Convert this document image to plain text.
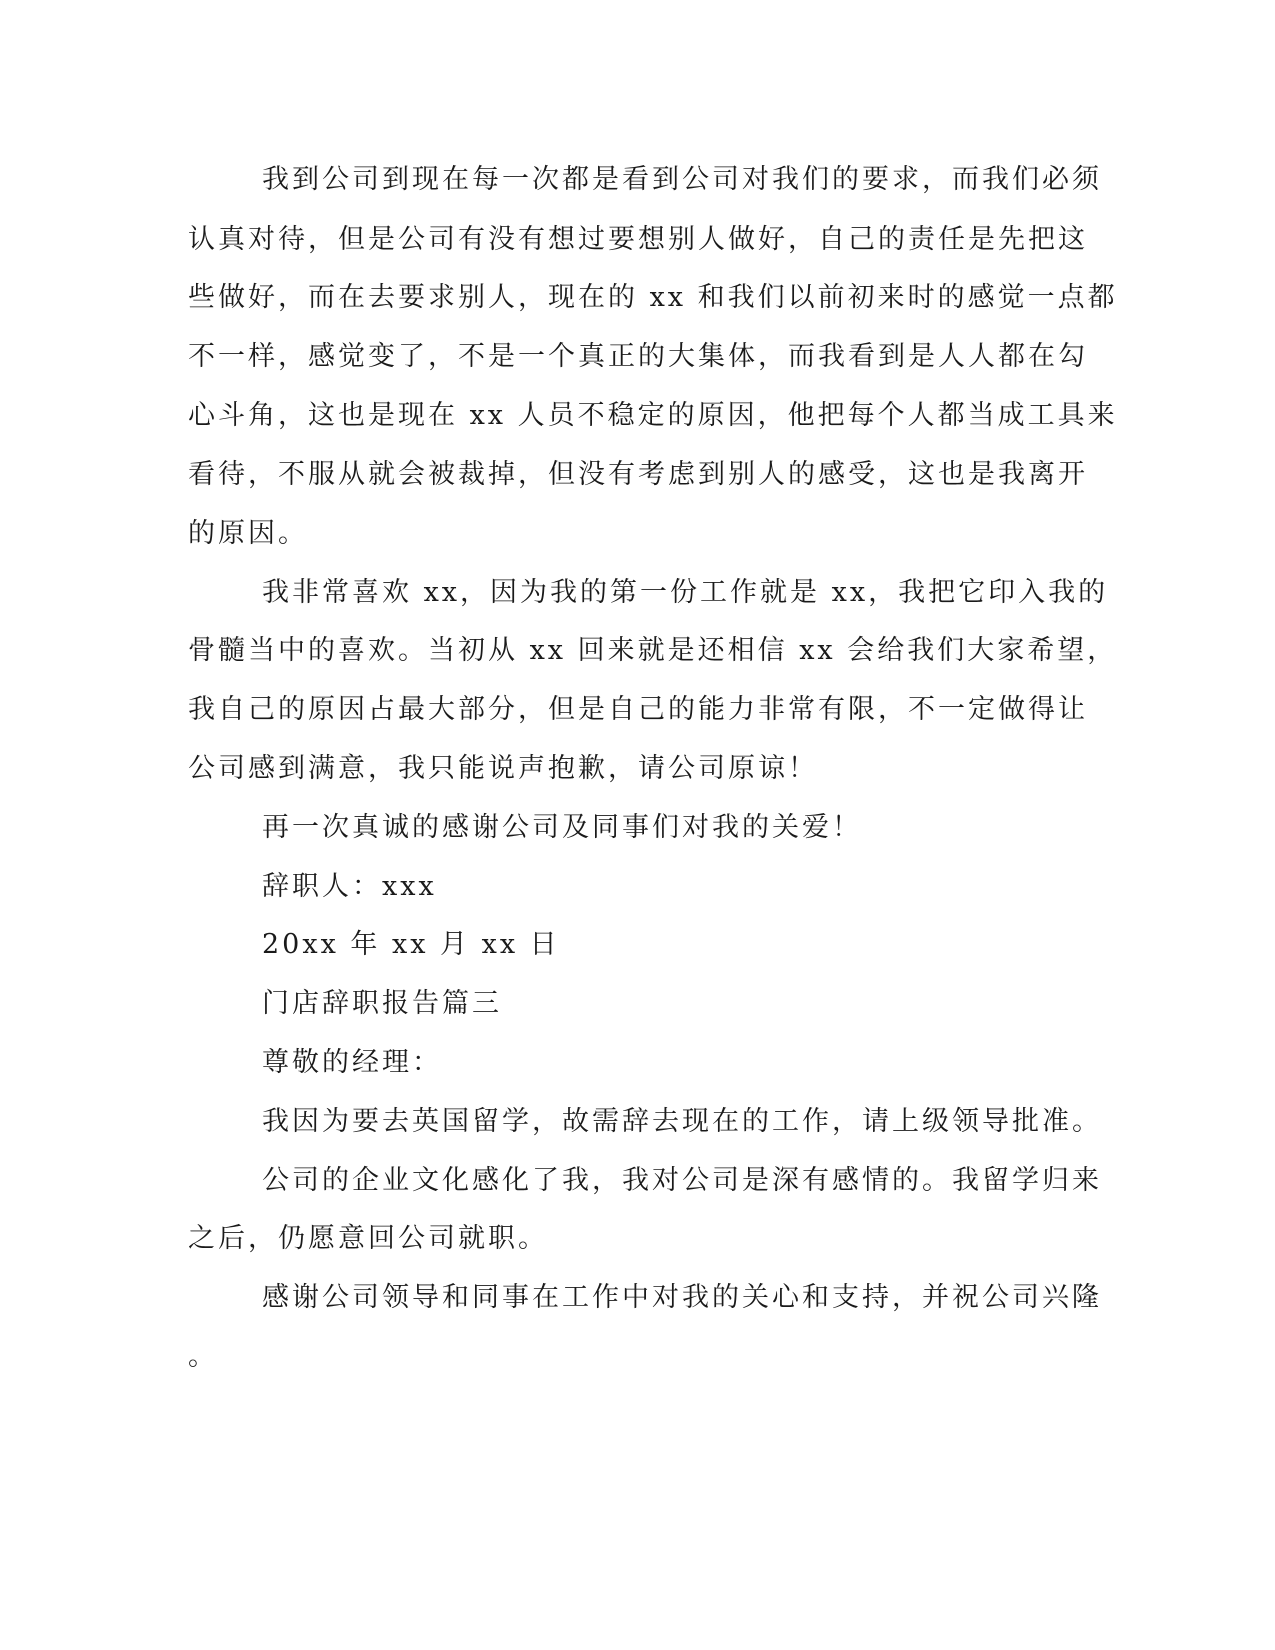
我到公司到现在每一次都是看到公司对我们的要求，而我们必须

认真对待，但是公司有没有想过要想别人做好，自己的责任是先把这

些做好，而在去要求别人，现在的 xx 和我们以前初来时的感觉一点都

不一样，感觉变了，不是一个真正的大集体，而我看到是人人都在勾

心斗角，这也是现在 xx 人员不稳定的原因，他把每个人都当成工具来

看待，不服从就会被裁掉，但没有考虑到别人的感受，这也是我离开

的原因。

我非常喜欢 xx，因为我的第一份工作就是 xx，我把它印入我的

骨髓当中的喜欢。当初从 xx 回来就是还相信 xx 会给我们大家希望，

我自己的原因占最大部分，但是自己的能力非常有限，不一定做得让

公司感到满意，我只能说声抱歉，请公司原谅！

再一次真诚的感谢公司及同事们对我的关爱！

辞职人：xxx

20xx 年 xx 月 xx 日

门店辞职报告篇三

尊敬的经理：

我因为要去英国留学，故需辞去现在的工作，请上级领导批准。

公司的企业文化感化了我，我对公司是深有感情的。我留学归来

之后，仍愿意回公司就职。

感谢公司领导和同事在工作中对我的关心和支持，并祝公司兴隆

。
